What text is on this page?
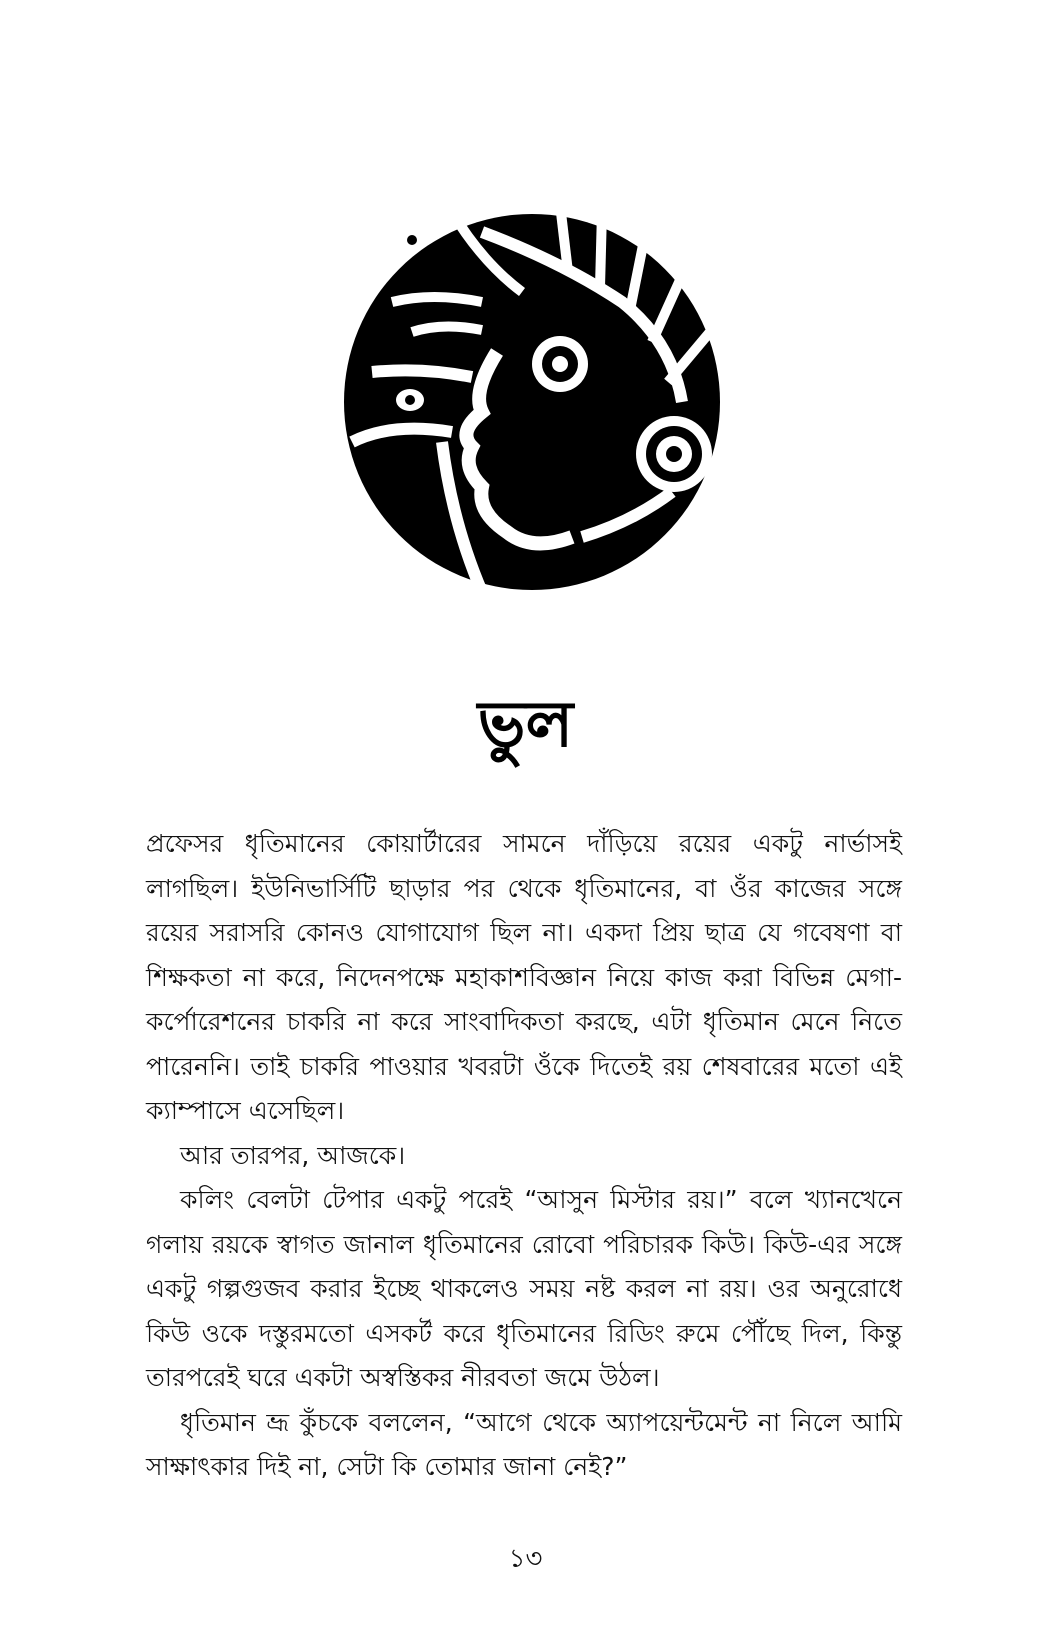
ভুল

প্রফেসর ধৃতিমানের কোয়ার্টারের সামনে দাঁড়িয়ে রয়ের একটু নার্ভাসই লাগছিল। ইউনিভার্সিটি ছাড়ার পর থেকে ধৃতিমানের, বা ওঁর কাজের সঙ্গে রয়ের সরাসরি কোনও যোগাযোগ ছিল না। একদা প্রিয় ছাত্র যে গবেষণা বা শিক্ষকতা না করে, নিদেনপক্ষে মহাকাশবিজ্ঞান নিয়ে কাজ করা বিভিন্ন মেগা-কর্পোরেশনের চাকরি না করে সাংবাদিকতা করছে, এটা ধৃতিমান মেনে নিতে পারেননি। তাই চাকরি পাওয়ার খবরটা ওঁকে দিতেই রয় শেষবারের মতো এই ক্যাম্পাসে এসেছিল।

আর তারপর, আজকে।

কলিং বেলটা টেপার একটু পরেই “আসুন মিস্টার রয়।” বলে খ্যানখেনে গলায় রয়কে স্বাগত জানাল ধৃতিমানের রোবো পরিচারক কিউ। কিউ-এর সঙ্গে একটু গল্পগুজব করার ইচ্ছে থাকলেও সময় নষ্ট করল না রয়। ওর অনুরোধে কিউ ওকে দস্তুরমতো এসকর্ট করে ধৃতিমানের রিডিং রুমে পৌঁছে দিল, কিন্তু তারপরেই ঘরে একটা অস্বস্তিকর নীরবতা জমে উঠল।

ধৃতিমান ভ্রূ কুঁচকে বললেন, “আগে থেকে অ্যাপয়েন্টমেন্ট না নিলে আমি সাক্ষাৎকার দিই না, সেটা কি তোমার জানা নেই?”

১৩
